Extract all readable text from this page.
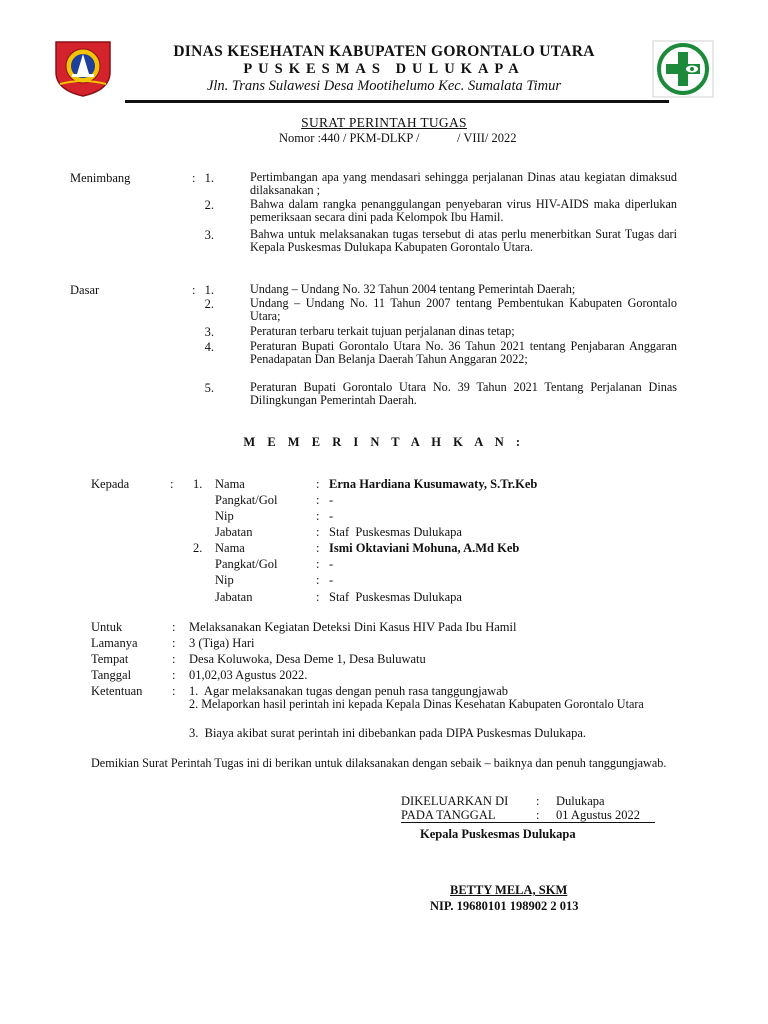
DINAS KESEHATAN KABUPATEN GORONTALO UTARA
PUSKESMAS DULUKAPA
Jln. Trans Sulawesi Desa Mootihelumo Kec. Sumalata Timur
SURAT PERINTAH TUGAS
Nomor :440 / PKM-DLKP /            / VIII/ 2022
Menimbang	: 1.	Pertimbangan apa yang mendasari sehingga perjalanan Dinas atau kegiatan dimaksud dilaksanakan ;
2.	Bahwa dalam rangka penanggulangan penyebaran virus HIV-AIDS maka diperlukan pemeriksaan secara dini pada Kelompok Ibu Hamil.
3.	Bahwa untuk melaksanakan tugas tersebut di atas perlu menerbitkan Surat Tugas dari Kepala Puskesmas Dulukapa Kabupaten Gorontalo Utara.
Dasar	: 1.	Undang – Undang No. 32 Tahun 2004 tentang Pemerintah Daerah;
2.	Undang – Undang No. 11 Tahun 2007 tentang Pembentukan Kabupaten Gorontalo Utara;
3.	Peraturan terbaru terkait tujuan perjalanan dinas tetap;
4.	Peraturan Bupati Gorontalo Utara No. 36 Tahun 2021 tentang Penjabaran Anggaran Penadapatan Dan Belanja Daerah Tahun Anggaran 2022;
5.	Peraturan Bupati Gorontalo Utara No. 39 Tahun 2021 Tentang Perjalanan Dinas Dilingkungan Pemerintah Daerah.
M E M E R I N T A H K A N :
Kepada	: 1. Nama	: Erna Hardiana Kusumawaty, S.Tr.Keb
Pangkat/Gol	: -
Nip	: -
Jabatan	: Staf  Puskesmas Dulukapa
2. Nama	: Ismi Oktaviani Mohuna, A.Md Keb
Pangkat/Gol	: -
Nip	: -
Jabatan	: Staf  Puskesmas Dulukapa
Untuk	: Melaksanakan Kegiatan Deteksi Dini Kasus HIV Pada Ibu Hamil
Lamanya	: 3 (Tiga) Hari
Tempat	: Desa Koluwoka, Desa Deme 1, Desa Buluwatu
Tanggal	: 01,02,03 Agustus 2022.
Ketentuan : 1.  Agar melaksanakan tugas dengan penuh rasa tanggungjawab
2. Melaporkan hasil perintah ini kepada Kepala Dinas Kesehatan Kabupaten Gorontalo Utara
3.  Biaya akibat surat perintah ini dibebankan pada DIPA Puskesmas Dulukapa.
Demikian Surat Perintah Tugas ini di berikan untuk dilaksanakan dengan sebaik – baiknya dan penuh tanggungjawab.
DIKELUARKAN DI : Dulukapa
PADA TANGGAL	: 01 Agustus 2022
Kepala Puskesmas Dulukapa
BETTY MELA, SKM
NIP. 19680101 198902 2 013
